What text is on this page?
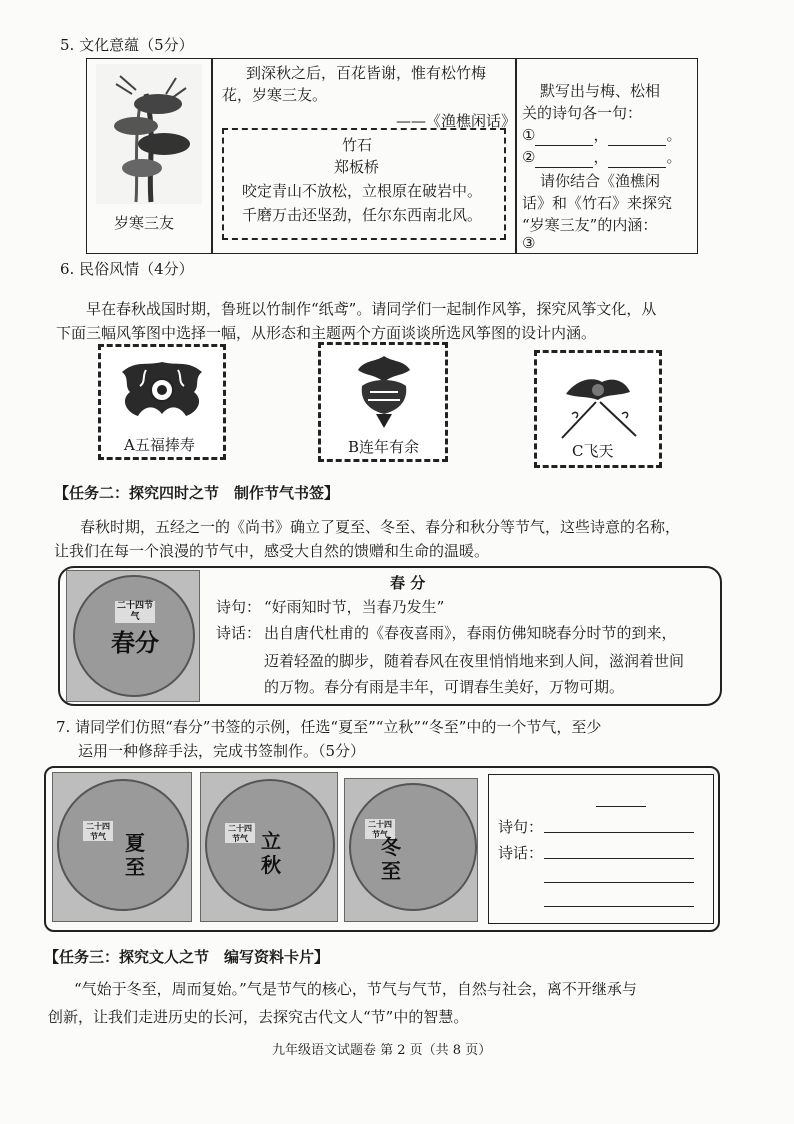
5. 文化意蕴（5分）
岁寒三友
到深秋之后，百花皆谢，惟有松竹梅
花，岁寒三友。
——《渔樵闲话》
竹石
郑板桥
咬定青山不放松，立根原在破岩中。
千磨万击还坚劲，任尔东西南北风。
默写出与梅、松相
关的诗句各一句：
①	，	。
②	，	。
请你结合《渔樵闲
话》和《竹石》来探究
“岁寒三友”的内涵：
③
6. 民俗风情（4分）
早在春秋战国时期，鲁班以竹制作“纸鸢”。请同学们一起制作风筝，探究风筝文化，从
下面三幅风筝图中选择一幅，从形态和主题两个方面谈谈所选风筝图的设计内涵。
A五福捧寿	B连年有余	C飞天
【任务二：探究四时之节　制作节气书签】
春秋时期，五经之一的《尚书》确立了夏至、冬至、春分和秋分等节气，这些诗意的名称，
让我们在每一个浪漫的节气中，感受大自然的馈赠和生命的温暖。
二十四节气
春分
春 分
诗句： “好雨知时节，当春乃发生”
诗话： 出自唐代杜甫的《春夜喜雨》，春雨仿佛知晓春分时节的到来，
迈着轻盈的脚步，随着春风在夜里悄悄地来到人间，滋润着世间
的万物。春分有雨是丰年，可谓春生美好，万物可期。
7. 请同学们仿照“春分”书签的示例，任选“夏至”“立秋”“冬至”中的一个节气，至少
运用一种修辞手法，完成书签制作。（5分）
二十四节气 夏至
二十四节气 立秋
二十四节气
冬至
诗句：
诗话：
【任务三：探究文人之节　编写资料卡片】
“气始于冬至，周而复始。”气是节气的核心，节气与气节，自然与社会，离不开继承与
创新，让我们走进历史的长河，去探究古代文人“节”中的智慧。
九年级语文试题卷 第 2 页（共 8 页）
